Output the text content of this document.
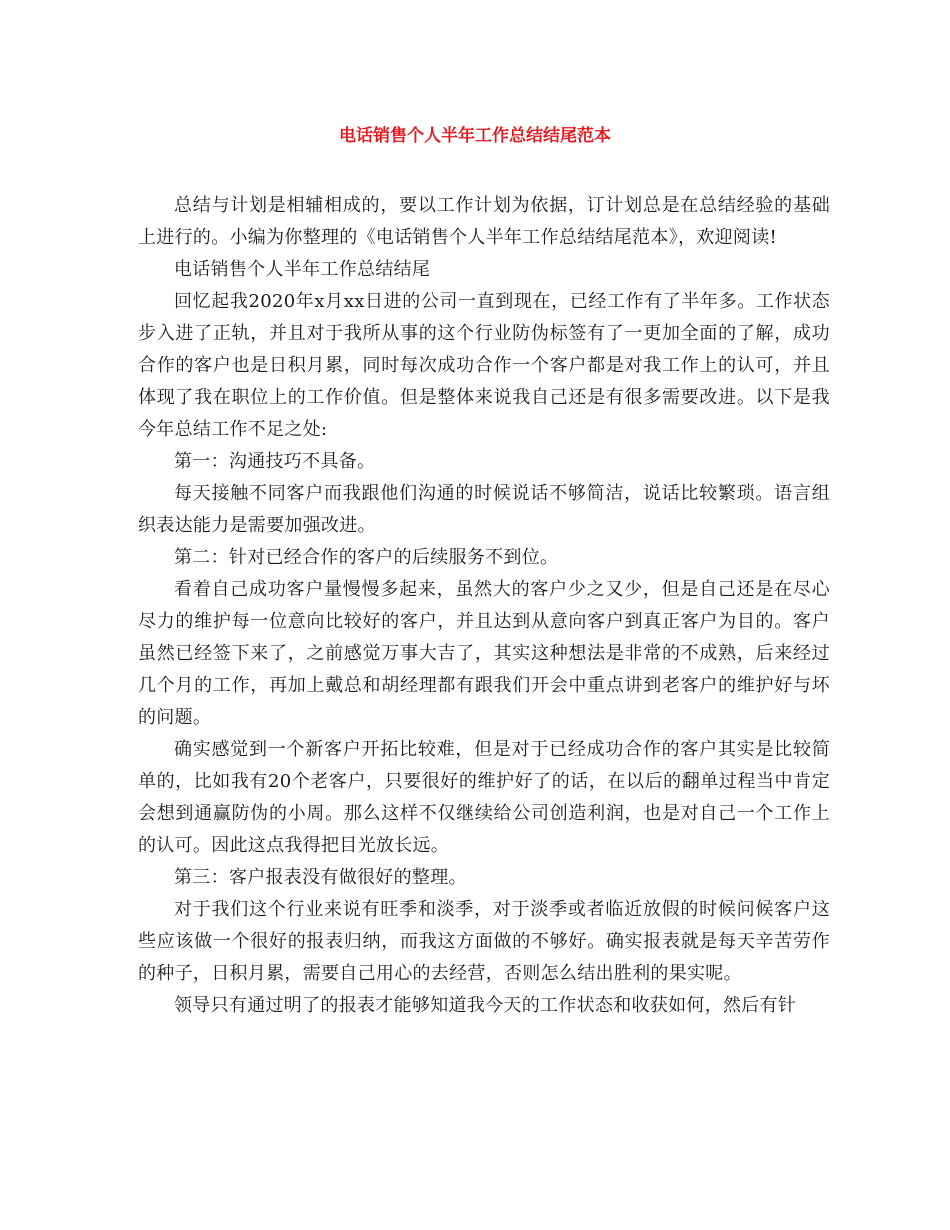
电话销售个人半年工作总结结尾范本

总结与计划是相辅相成的，要以工作计划为依据，订计划总是在总结经验的基础上进行的。小编为你整理的《电话销售个人半年工作总结结尾范本》，欢迎阅读!

电话销售个人半年工作总结结尾

回忆起我2020年x月xx日进的公司一直到现在，已经工作有了半年多。工作状态步入进了正轨，并且对于我所从事的这个行业防伪标签有了一更加全面的了解，成功合作的客户也是日积月累，同时每次成功合作一个客户都是对我工作上的认可，并且体现了我在职位上的工作价值。但是整体来说我自己还是有很多需要改进。以下是我今年总结工作不足之处:

第一：沟通技巧不具备。

每天接触不同客户而我跟他们沟通的时候说话不够简洁，说话比较繁琐。语言组织表达能力是需要加强改进。

第二：针对已经合作的客户的后续服务不到位。

看着自己成功客户量慢慢多起来，虽然大的客户少之又少，但是自己还是在尽心尽力的维护每一位意向比较好的客户，并且达到从意向客户到真正客户为目的。客户虽然已经签下来了，之前感觉万事大吉了，其实这种想法是非常的不成熟，后来经过几个月的工作，再加上戴总和胡经理都有跟我们开会中重点讲到老客户的维护好与坏的问题。

确实感觉到一个新客户开拓比较难，但是对于已经成功合作的客户其实是比较简单的，比如我有20个老客户，只要很好的维护好了的话，在以后的翻单过程当中肯定会想到通赢防伪的小周。那么这样不仅继续给公司创造利润，也是对自己一个工作上的认可。因此这点我得把目光放长远。

第三：客户报表没有做很好的整理。

对于我们这个行业来说有旺季和淡季，对于淡季或者临近放假的时候问候客户这些应该做一个很好的报表归纳，而我这方面做的不够好。确实报表就是每天辛苦劳作的种子，日积月累，需要自己用心的去经营，否则怎么结出胜利的果实呢。

领导只有通过明了的报表才能够知道我今天的工作状态和收获如何，然后有针
